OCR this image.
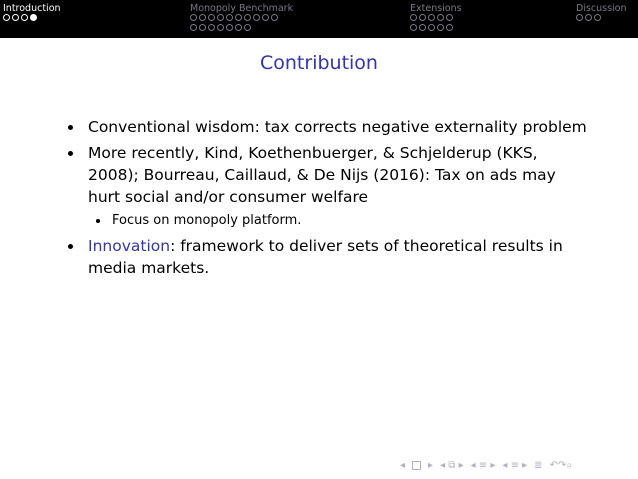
Introduction	Monopoly Benchmark	Extensions	Discussion
Contribution
Conventional wisdom: tax corrects negative externality problem
More recently, Kind, Koethenbuerger, & Schjelderup (KKS, 2008); Bourreau, Caillaud, & De Nijs (2016): Tax on ads may hurt social and/or consumer welfare
Focus on monopoly platform.
Innovation: framework to deliver sets of theoretical results in media markets.
◂ ▸ ◂ ⧉ ▸ ◂ ≡ ▸ ◂ ≡ ▸ ≣ ↶↷⌕
